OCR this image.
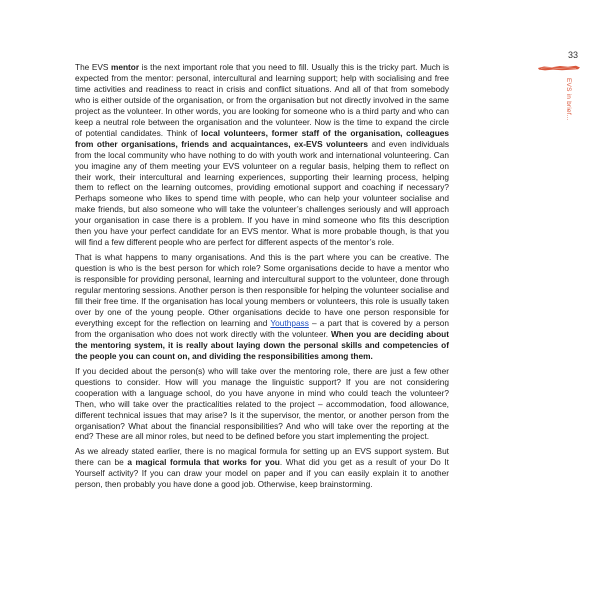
33
EVS in brief...

The EVS mentor is the next important role that you need to fill. Usually this is the tricky part. Much is expected from the mentor: personal, intercultural and learning support; help with socialising and free time activities and readiness to react in crisis and conflict situations. And all of that from somebody who is either outside of the organisation, or from the organisation but not directly involved in the same project as the volunteer. In other words, you are looking for someone who is a third party and who can keep a neutral role between the organisation and the volunteer. Now is the time to expand the circle of potential candidates. Think of local volunteers, former staff of the organisation, colleagues from other organisations, friends and acquaintances, ex-EVS volunteers and even individuals from the local community who have nothing to do with youth work and international volunteering. Can you imagine any of them meeting your EVS volunteer on a regular basis, helping them to reflect on their work, their intercultural and learning experiences, supporting their learning process, helping them to reflect on the learning outcomes, providing emotional support and coaching if necessary? Perhaps someone who likes to spend time with people, who can help your volunteer socialise and make friends, but also someone who will take the volunteer’s challenges seriously and will approach your organisation in case there is a problem. If you have in mind someone who fits this description then you have your perfect candidate for an EVS mentor. What is more probable though, is that you will find a few different people who are perfect for different aspects of the mentor’s role.

That is what happens to many organisations. And this is the part where you can be creative. The question is who is the best person for which role? Some organisations decide to have a mentor who is responsible for providing personal, learning and intercultural support to the volunteer, done through regular mentoring sessions. Another person is then responsible for helping the volunteer socialise and fill their free time. If the organisation has local young members or volunteers, this role is usually taken over by one of the young people. Other organisations decide to have one person responsible for everything except for the reflection on learning and Youthpass – a part that is covered by a person from the organisation who does not work directly with the volunteer. When you are deciding about the mentoring system, it is really about laying down the personal skills and competencies of the people you can count on, and dividing the responsibilities among them.

If you decided about the person(s) who will take over the mentoring role, there are just a few other questions to consider. How will you manage the linguistic support? If you are not considering cooperation with a language school, do you have anyone in mind who could teach the volunteer? Then, who will take over the practicalities related to the project – accommodation, food allowance, different technical issues that may arise? Is it the supervisor, the mentor, or another person from the organisation? What about the financial responsibilities? And who will take over the reporting at the end? These are all minor roles, but need to be defined before you start implementing the project.

As we already stated earlier, there is no magical formula for setting up an EVS support system. But there can be a magical formula that works for you. What did you get as a result of your Do It Yourself activity? If you can draw your model on paper and if you can easily explain it to another person, then probably you have done a good job. Otherwise, keep brainstorming.
